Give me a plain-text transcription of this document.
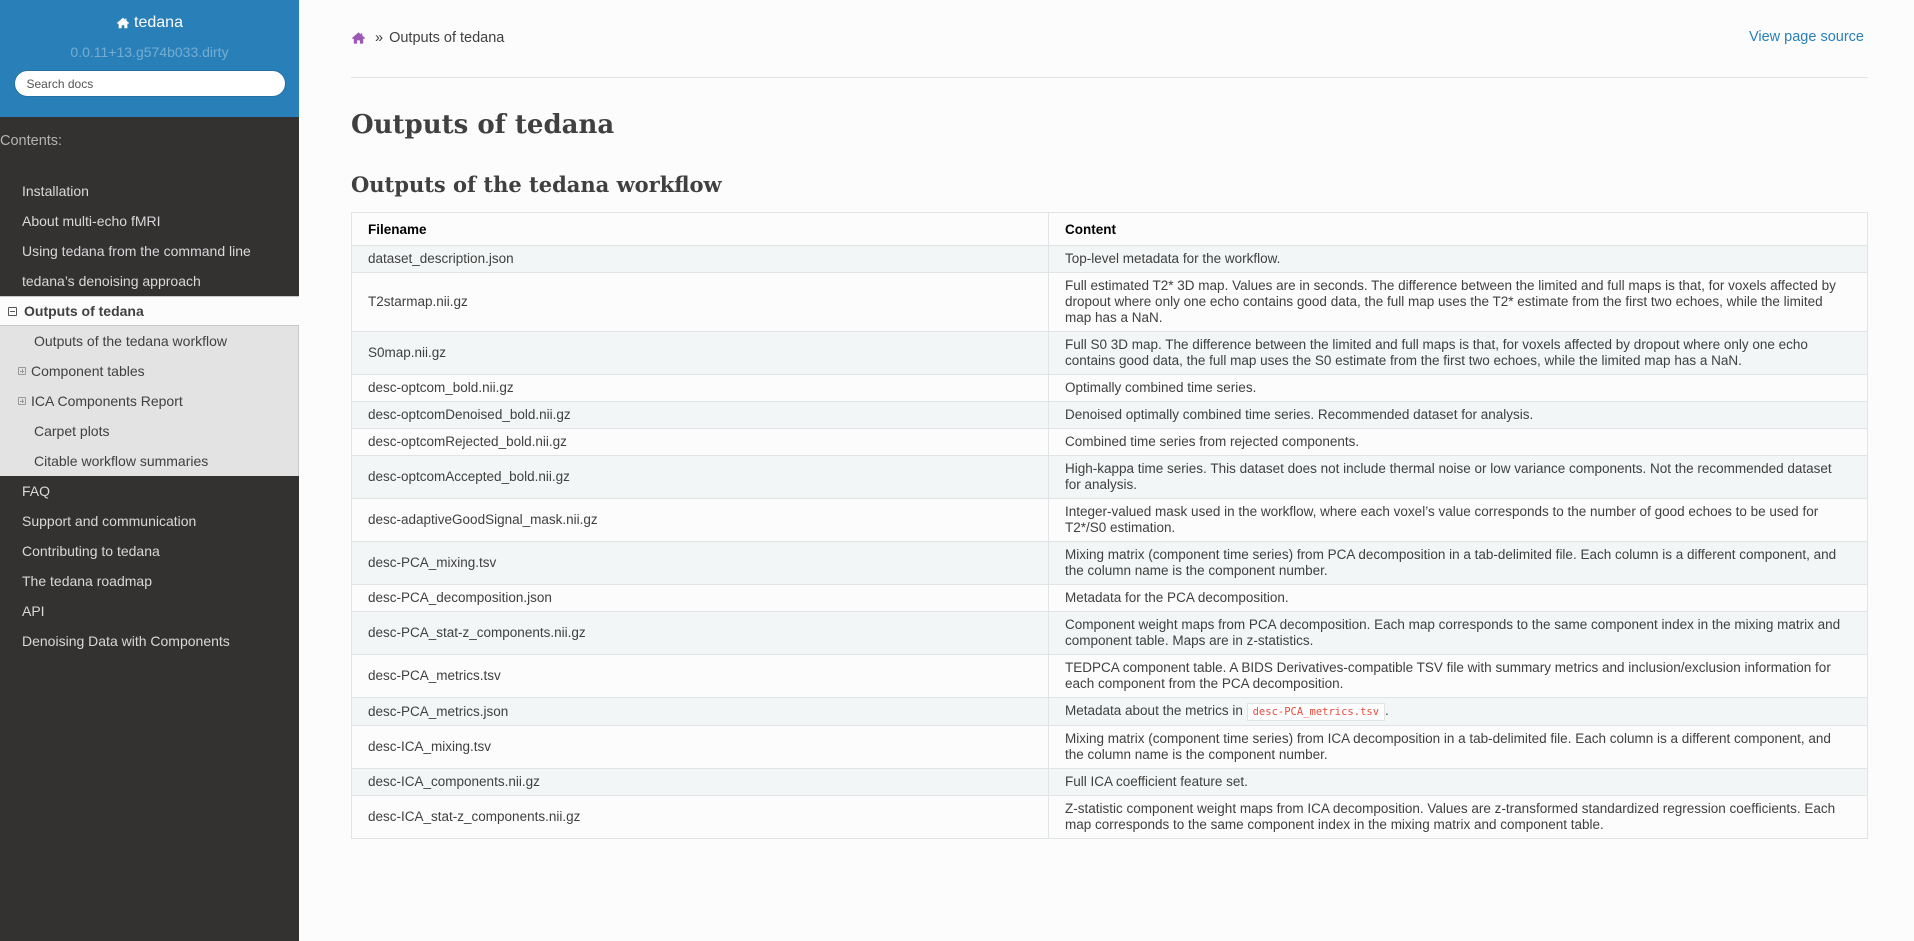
tedana
0.0.11+13.g574b033.dirty
Search docs
Contents:
Installation
About multi-echo fMRI
Using tedana from the command line
tedana’s denoising approach
Outputs of tedana
Outputs of the tedana workflow
Component tables
ICA Components Report
Carpet plots
Citable workflow summaries
FAQ
Support and communication
Contributing to tedana
The tedana roadmap
API
Denoising Data with Components
» Outputs of tedana	View page source
Outputs of tedana
Outputs of the tedana workflow
Filename	Content
dataset_description.json	Top-level metadata for the workflow.
T2starmap.nii.gz	Full estimated T2* 3D map. Values are in seconds. The difference between the limited and full maps is that, for voxels affected by dropout where only one echo contains good data, the full map uses the T2* estimate from the first two echoes, while the limited map has a NaN.
S0map.nii.gz	Full S0 3D map. The difference between the limited and full maps is that, for voxels affected by dropout where only one echo contains good data, the full map uses the S0 estimate from the first two echoes, while the limited map has a NaN.
desc-optcom_bold.nii.gz	Optimally combined time series.
desc-optcomDenoised_bold.nii.gz	Denoised optimally combined time series. Recommended dataset for analysis.
desc-optcomRejected_bold.nii.gz	Combined time series from rejected components.
desc-optcomAccepted_bold.nii.gz	High-kappa time series. This dataset does not include thermal noise or low variance components. Not the recommended dataset for analysis.
desc-adaptiveGoodSignal_mask.nii.gz	Integer-valued mask used in the workflow, where each voxel’s value corresponds to the number of good echoes to be used for T2*/S0 estimation.
desc-PCA_mixing.tsv	Mixing matrix (component time series) from PCA decomposition in a tab-delimited file. Each column is a different component, and the column name is the component number.
desc-PCA_decomposition.json	Metadata for the PCA decomposition.
desc-PCA_stat-z_components.nii.gz	Component weight maps from PCA decomposition. Each map corresponds to the same component index in the mixing matrix and component table. Maps are in z-statistics.
desc-PCA_metrics.tsv	TEDPCA component table. A BIDS Derivatives-compatible TSV file with summary metrics and inclusion/exclusion information for each component from the PCA decomposition.
desc-PCA_metrics.json	Metadata about the metrics in desc-PCA_metrics.tsv .
desc-ICA_mixing.tsv	Mixing matrix (component time series) from ICA decomposition in a tab-delimited file. Each column is a different component, and the column name is the component number.
desc-ICA_components.nii.gz	Full ICA coefficient feature set.
desc-ICA_stat-z_components.nii.gz	Z-statistic component weight maps from ICA decomposition. Values are z-transformed standardized regression coefficients. Each map corresponds to the same component index in the mixing matrix and component table.
